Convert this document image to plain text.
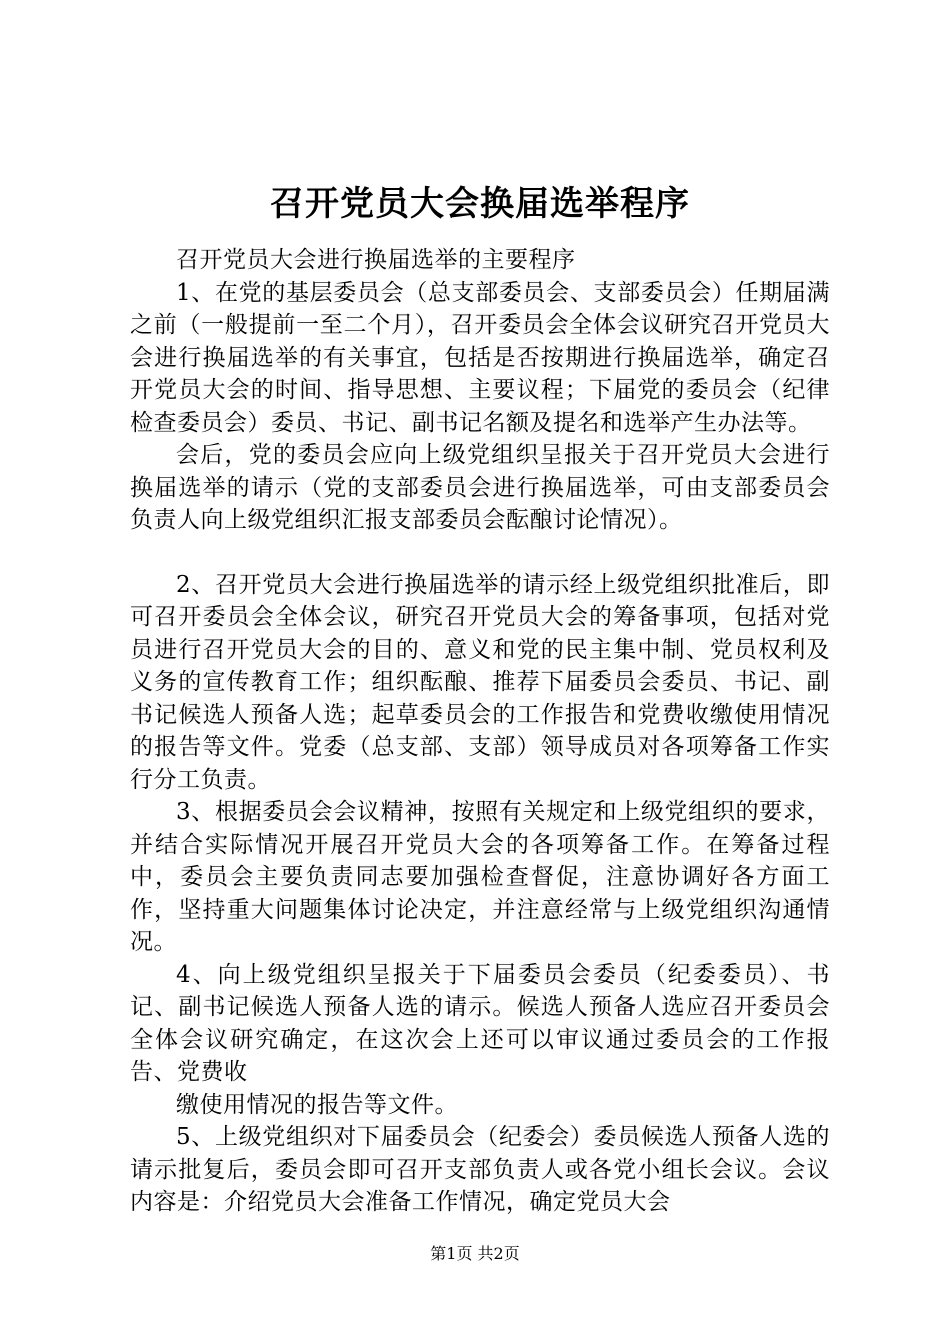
召开党员大会换届选举程序

召开党员大会进行换届选举的主要程序

1、在党的基层委员会（总支部委员会、支部委员会）任期届满之前（一般提前一至二个月），召开委员会全体会议研究召开党员大会进行换届选举的有关事宜，包括是否按期进行换届选举，确定召开党员大会的时间、指导思想、主要议程；下届党的委员会（纪律检查委员会）委员、书记、副书记名额及提名和选举产生办法等。

会后，党的委员会应向上级党组织呈报关于召开党员大会进行换届选举的请示（党的支部委员会进行换届选举，可由支部委员会负责人向上级党组织汇报支部委员会酝酿讨论情况）。

2、召开党员大会进行换届选举的请示经上级党组织批准后，即可召开委员会全体会议，研究召开党员大会的筹备事项，包括对党员进行召开党员大会的目的、意义和党的民主集中制、党员权利及义务的宣传教育工作；组织酝酿、推荐下届委员会委员、书记、副书记候选人预备人选；起草委员会的工作报告和党费收缴使用情况的报告等文件。党委（总支部、支部）领导成员对各项筹备工作实行分工负责。

3、根据委员会会议精神，按照有关规定和上级党组织的要求，并结合实际情况开展召开党员大会的各项筹备工作。在筹备过程中，委员会主要负责同志要加强检查督促，注意协调好各方面工作，坚持重大问题集体讨论决定，并注意经常与上级党组织沟通情况。

4、向上级党组织呈报关于下届委员会委员（纪委委员）、书记、副书记候选人预备人选的请示。候选人预备人选应召开委员会全体会议研究确定，在这次会上还可以审议通过委员会的工作报告、党费收

缴使用情况的报告等文件。

5、上级党组织对下届委员会（纪委会）委员候选人预备人选的请示批复后，委员会即可召开支部负责人或各党小组长会议。会议内容是：介绍党员大会准备工作情况，确定党员大会

第1页 共2页
